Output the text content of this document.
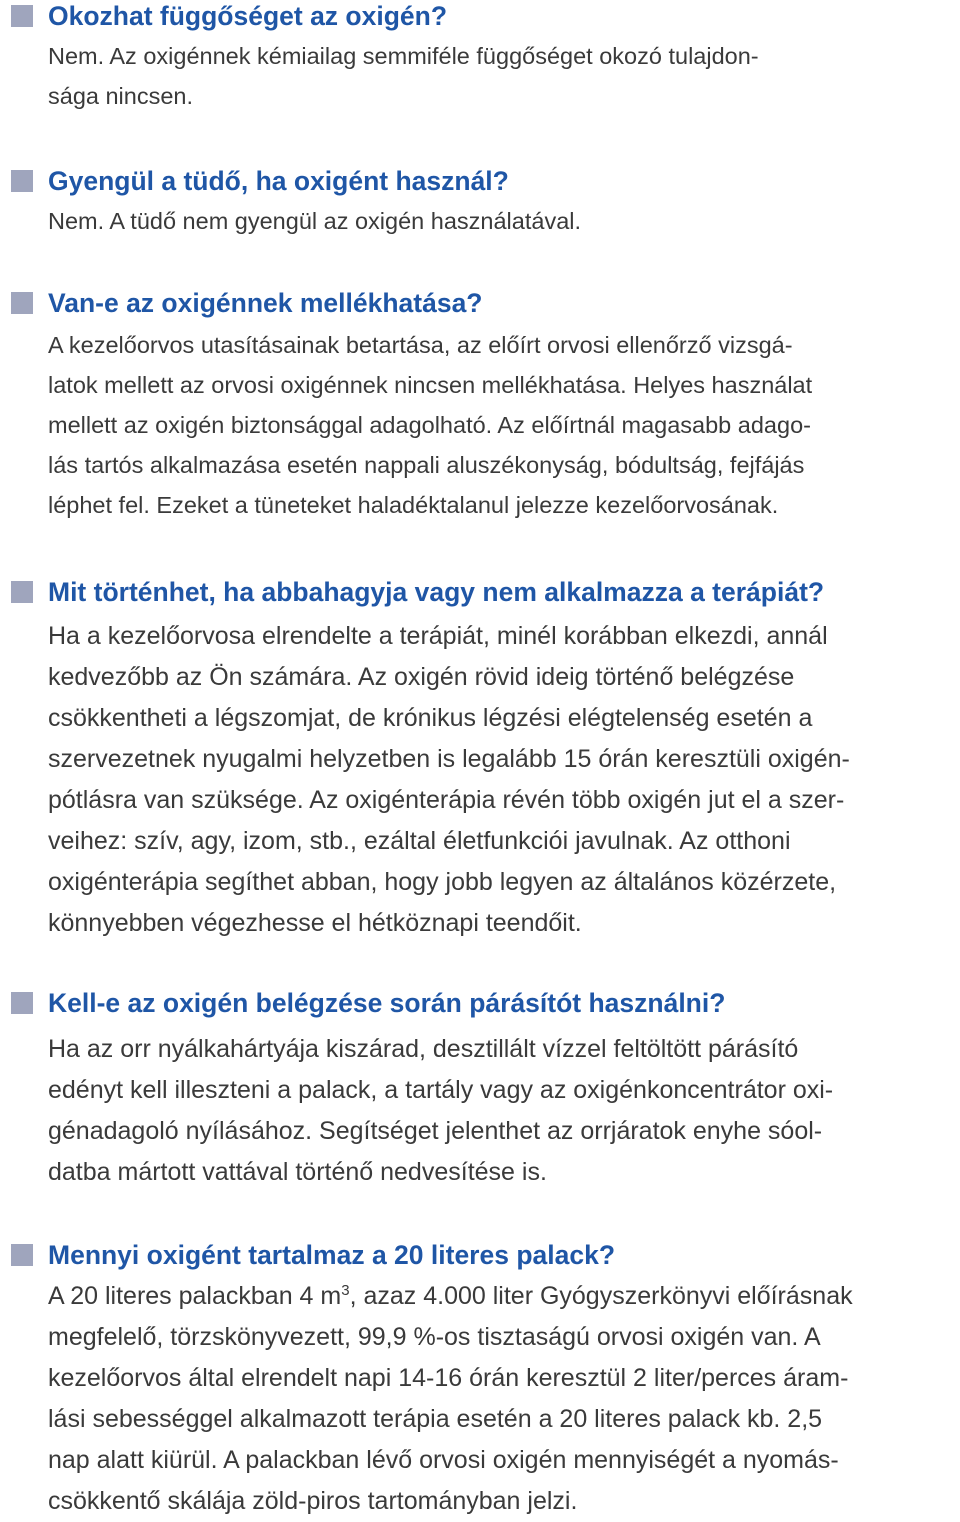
Okozhat függőséget az oxigén?
Nem. Az oxigénnek kémiailag semmiféle függőséget okozó tulajdon-
sága nincsen.
Gyengül a tüdő, ha oxigént használ?
Nem. A tüdő nem gyengül az oxigén használatával.
Van-e az oxigénnek mellékhatása?
A kezelőorvos utasításainak betartása, az előírt orvosi ellenőrző vizsgá-
latok mellett az orvosi oxigénnek nincsen mellékhatása. Helyes használat
mellett az oxigén biztonsággal adagolható. Az előírtnál magasabb adago-
lás tartós alkalmazása esetén nappali aluszékonyság, bódultság, fejfájás
léphet fel. Ezeket a tüneteket haladéktalanul jelezze kezelőorvosának.
Mit történhet, ha abbahagyja vagy nem alkalmazza a terápiát?
Ha a kezelőorvosa elrendelte a terápiát, minél korábban elkezdi, annál
kedvezőbb az Ön számára. Az oxigén rövid ideig történő belégzése
csökkentheti a légszomjat, de krónikus légzési elégtelenség esetén a
szervezetnek nyugalmi helyzetben is legalább 15 órán keresztüli oxigén-
pótlásra van szüksége. Az oxigénterápia révén több oxigén jut el a szer-
veihez: szív, agy, izom, stb., ezáltal életfunkciói javulnak. Az otthoni
oxigénterápia segíthet abban, hogy jobb legyen az általános közérzete,
könnyebben végezhesse el hétköznapi teendőit.
Kell-e az oxigén belégzése során párásítót használni?
Ha az orr nyálkahártyája kiszárad, desztillált vízzel feltöltött párásító
edényt kell illeszteni a palack, a tartály vagy az oxigénkoncentrátor oxi-
génadagoló nyílásához. Segítséget jelenthet az orrjáratok enyhe sóol-
datba mártott vattával történő nedvesítése is.
Mennyi oxigént tartalmaz a 20 literes palack?
A 20 literes palackban 4 $m^3$, azaz 4.000 liter Gyógyszerkönyvi előírásnak
megfelelő, törzskönyvezett, 99,9 %-os tisztaságú orvosi oxigén van. A
kezelőorvos által elrendelt napi 14-16 órán keresztül 2 liter/perces áram-
lási sebességgel alkalmazott terápia esetén a 20 literes palack kb. 2,5
nap alatt kiürül. A palackban lévő orvosi oxigén mennyiségét a nyomás-
csökkentő skálája zöld-piros tartományban jelzi.
